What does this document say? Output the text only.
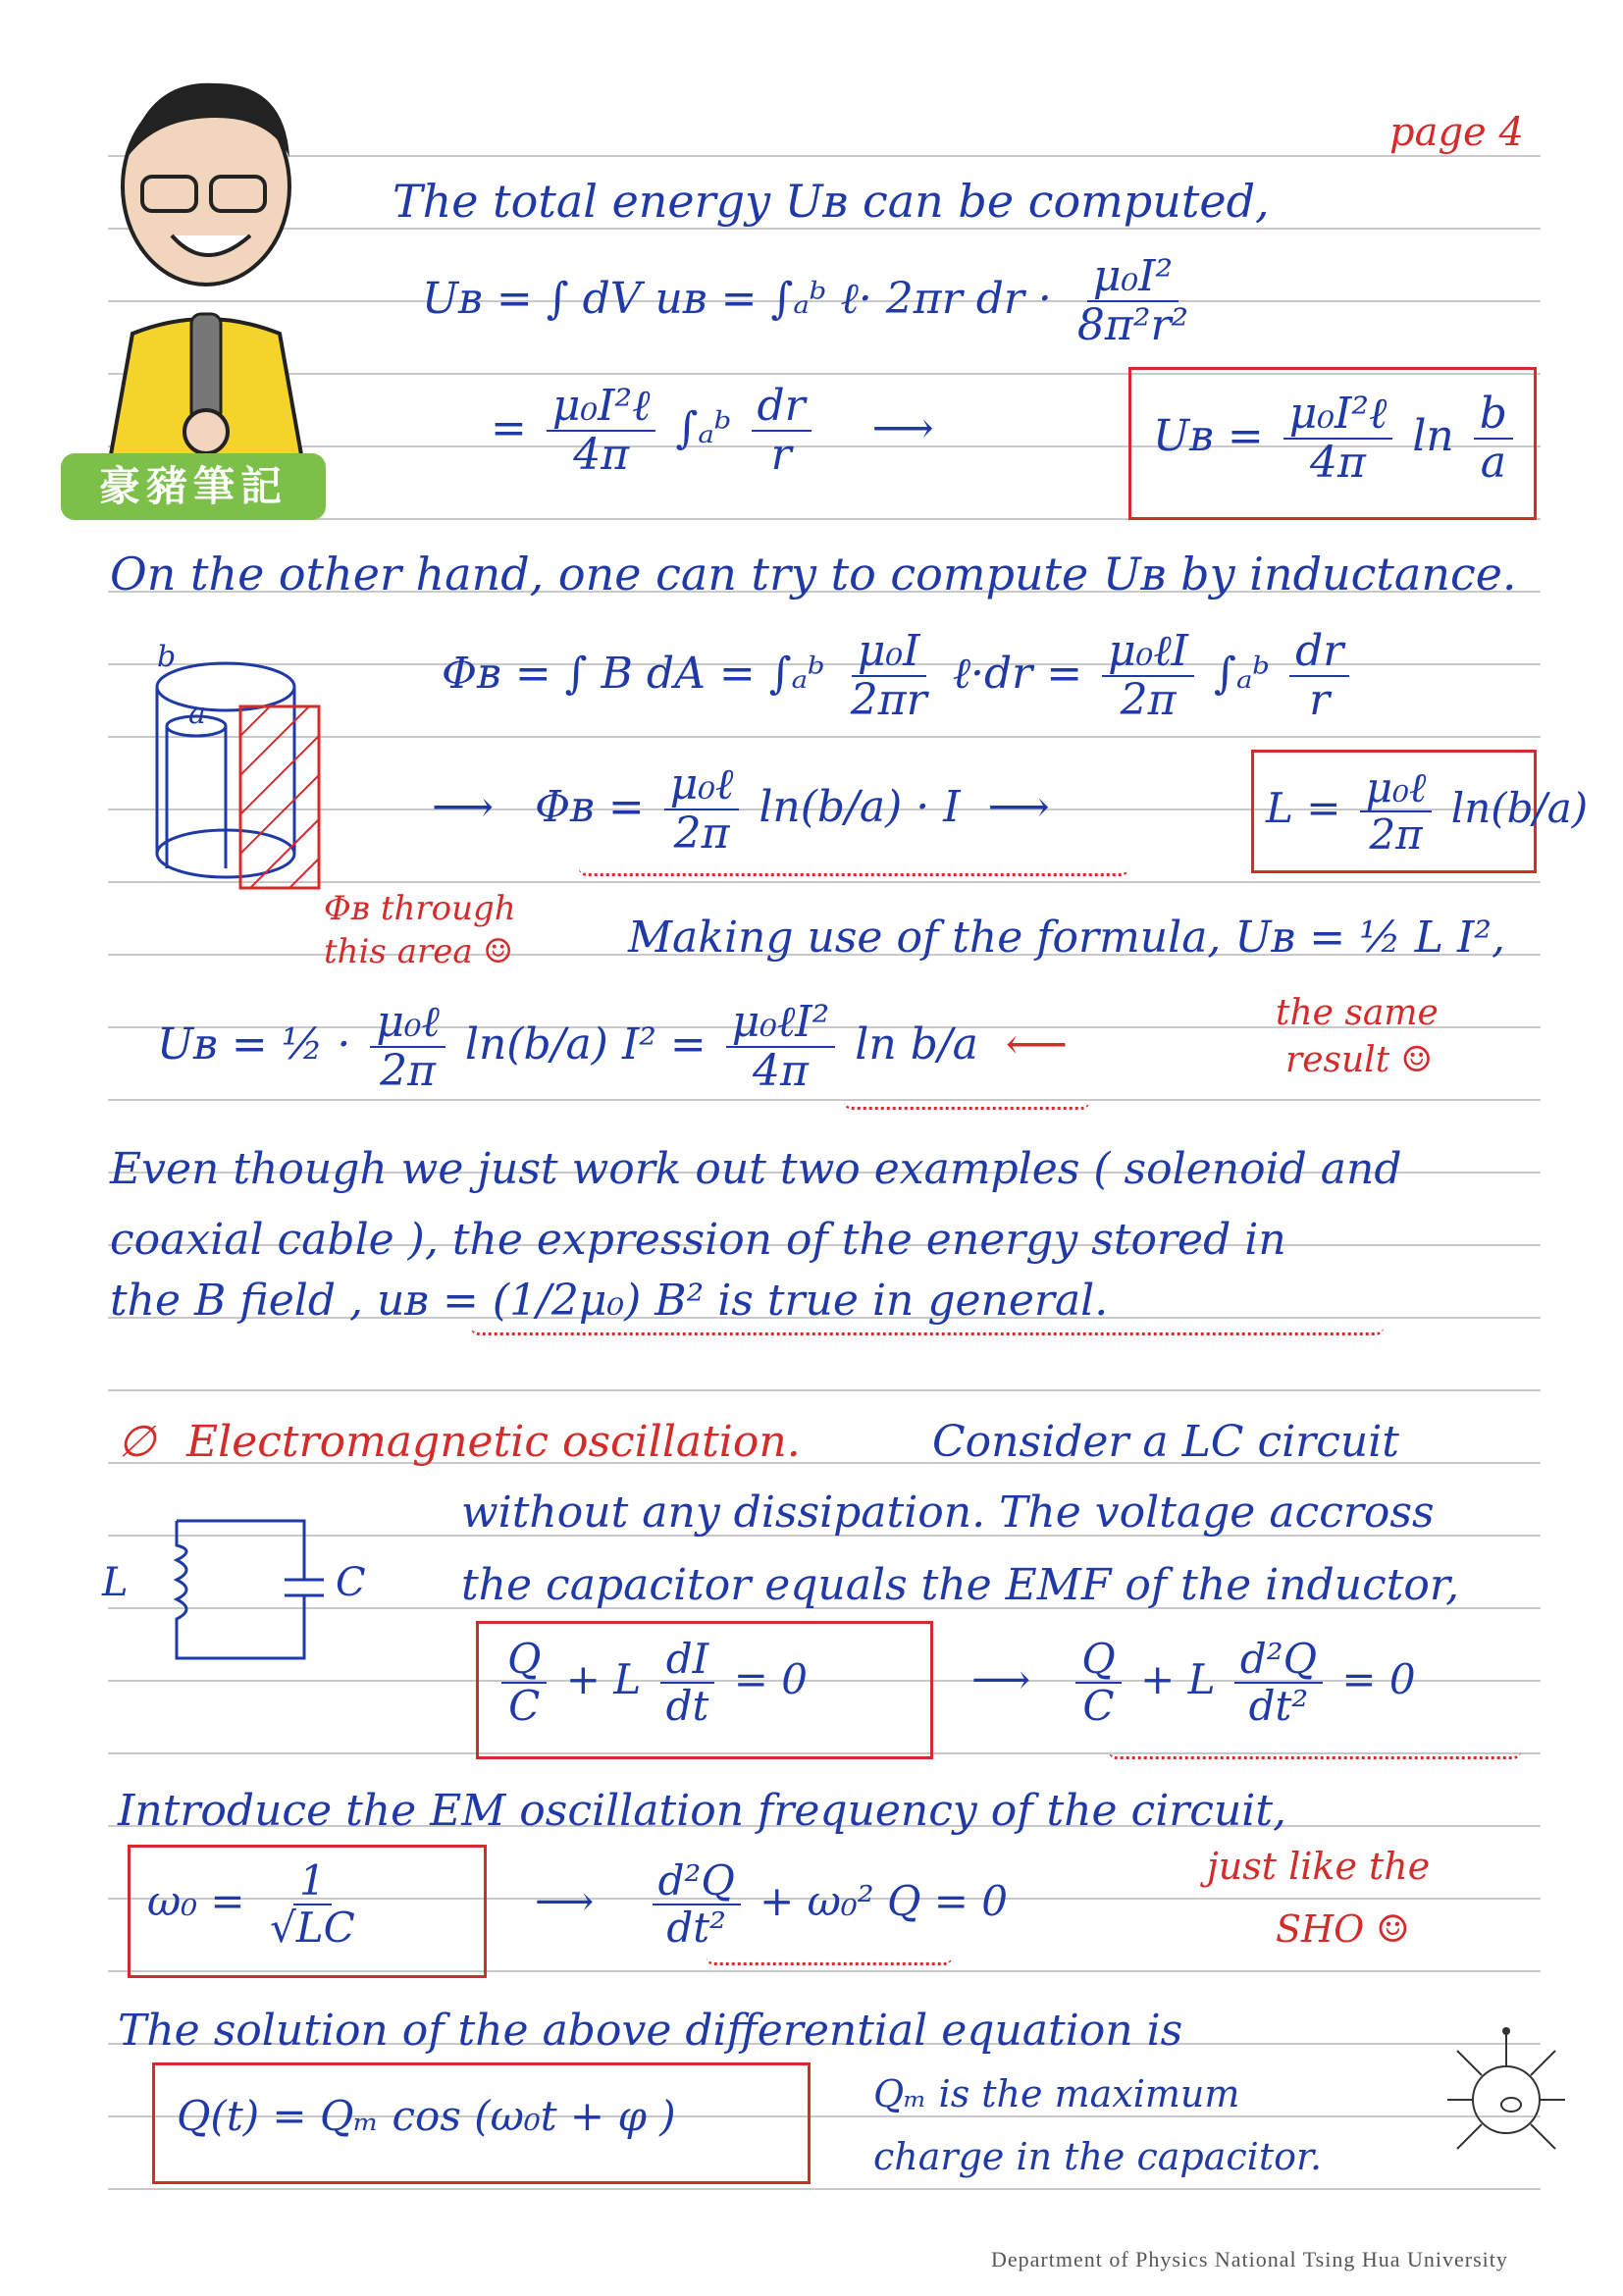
豪豬筆記
page 4
The total energy Uʙ can be computed,
Uʙ = ∫ dV uʙ = ∫ₐᵇ ℓ· 2πr dr · $\frac{\text{μ₀I²}}{\text{8π²r²}}$
= $\frac{\text{μ₀I²ℓ}}{4\pi}$ ∫ₐᵇ $\frac{dr}{r}$ ⟶	Uʙ = $\frac{\text{μ₀I²ℓ}}{4\pi}$ $\ln \frac{b}{a}$
On the other hand, one can try to compute Uʙ by inductance.
b
a
Φʙ = ∫ B dA = ∫ₐᵇ $\frac{\text{μ₀I}}{2\pi r}$ ℓ·dr = $\frac{\text{μ₀ℓI}}{2\pi}$ ∫ₐᵇ $\frac{dr}{r}$
⟶   Φʙ = $\frac{\text{μ₀ℓ}}{2\pi} \ln(b/a) \cdot I$  ⟶	$L = \frac{\text{μ₀ℓ}}{2\pi} \ln(b/a)$
Φʙ through
this area ☺	Making use of the formula, Uʙ = ½ L I²,
Uʙ = ½ · $\frac{\text{μ₀ℓ}}{2\pi} \ln(b/a) I^2 = \frac{\text{μ₀ℓI²}}{4\pi}$ ln b/a  ⟵
the same
result ☺
Even though we just work out two examples ( solenoid and
coaxial cable ), the expression of the energy stored in
the B field , uʙ = (1/2μ₀) B² is true in general.
∅ Electromagnetic oscillation.	Consider a LC circuit
L	C
without any dissipation. The voltage accross
the capacitor equals the EMF of the inductor,
$\frac{Q}{C} + L \frac{dI}{dt} = 0$	⟶ $\frac{Q}{C} + L \frac{\text{d²Q}}{\text{dt²}} = 0$
Introduce the EM oscillation frequency of the circuit,
$\omega_0 = \frac{1}{√LC}$	⟶ $\frac{\text{d²Q}}{\text{dt²}} + \omega_0^2$ Q = 0
just like the
SHO ☺
The solution of the above differential equation is
Q(t) = Qₘ cos (ω₀t + φ )	Qₘ is the maximum
charge in the capacitor.
Department of Physics National Tsing Hua University
